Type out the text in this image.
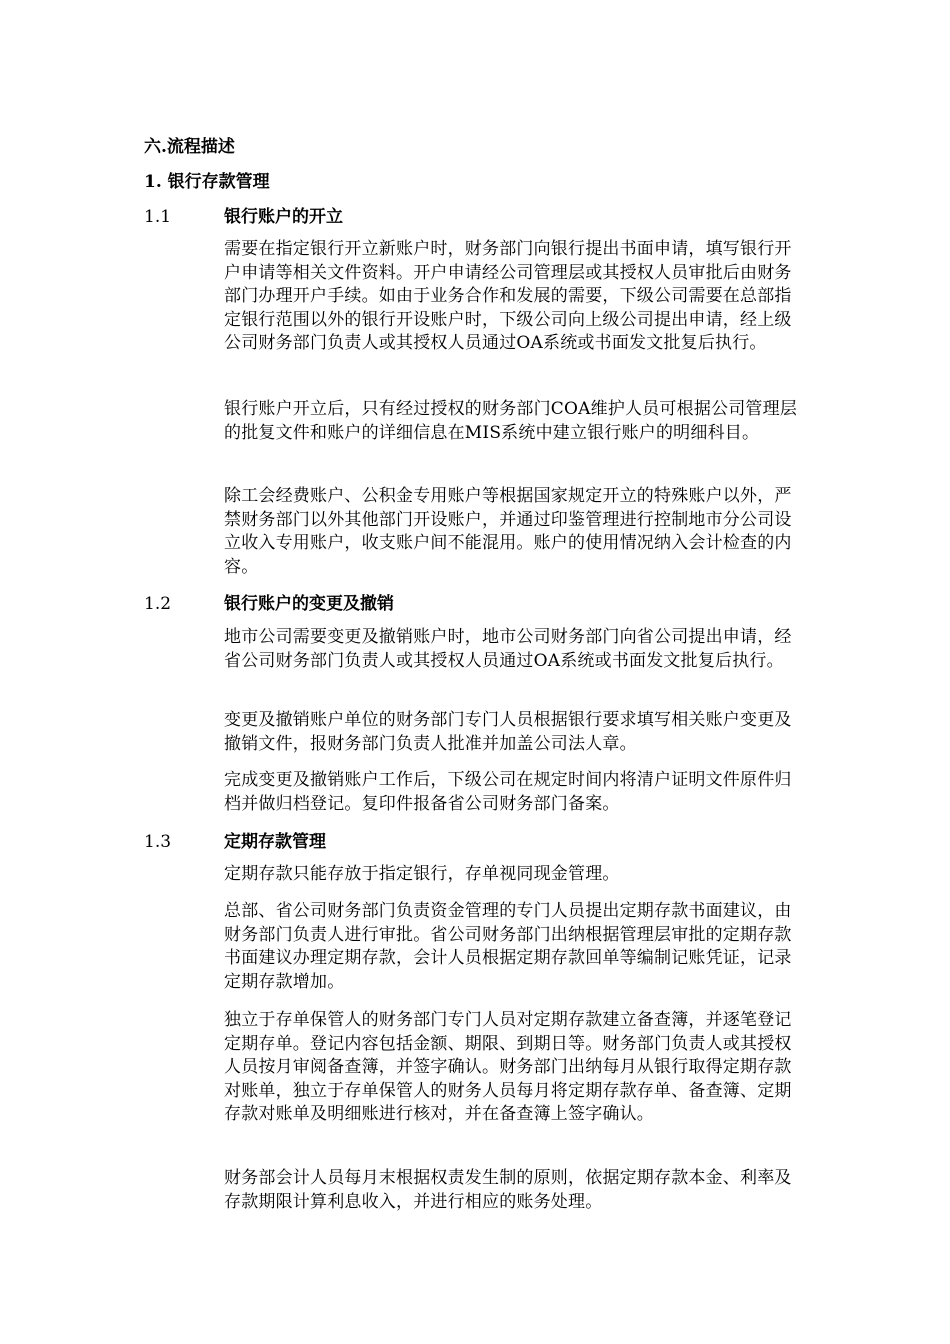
六.流程描述
1. 银行存款管理
1.1	银行账户的开立

需要在指定银行开立新账户时，财务部门向银行提出书面申请，填写银行开户申请等相关文件资料。开户申请经公司管理层或其授权人员审批后由财务部门办理开户手续。如由于业务合作和发展的需要，下级公司需要在总部指定银行范围以外的银行开设账户时，下级公司向上级公司提出申请，经上级公司财务部门负责人或其授权人员通过OA系统或书面发文批复后执行。

银行账户开立后，只有经过授权的财务部门COA维护人员可根据公司管理层的批复文件和账户的详细信息在MIS系统中建立银行账户的明细科目。

除工会经费账户、公积金专用账户等根据国家规定开立的特殊账户以外，严禁财务部门以外其他部门开设账户，并通过印鉴管理进行控制地市分公司设立收入专用账户，收支账户间不能混用。账户的使用情况纳入会计检查的内容。

1.2	银行账户的变更及撤销

地市公司需要变更及撤销账户时，地市公司财务部门向省公司提出申请，经省公司财务部门负责人或其授权人员通过OA系统或书面发文批复后执行。

变更及撤销账户单位的财务部门专门人员根据银行要求填写相关账户变更及撤销文件，报财务部门负责人批准并加盖公司法人章。

完成变更及撤销账户工作后，下级公司在规定时间内将清户证明文件原件归档并做归档登记。复印件报备省公司财务部门备案。

1.3	定期存款管理

定期存款只能存放于指定银行，存单视同现金管理。

总部、省公司财务部门负责资金管理的专门人员提出定期存款书面建议，由财务部门负责人进行审批。省公司财务部门出纳根据管理层审批的定期存款书面建议办理定期存款，会计人员根据定期存款回单等编制记账凭证，记录定期存款增加。

独立于存单保管人的财务部门专门人员对定期存款建立备查簿，并逐笔登记定期存单。登记内容包括金额、期限、到期日等。财务部门负责人或其授权人员按月审阅备查簿，并签字确认。财务部门出纳每月从银行取得定期存款对账单，独立于存单保管人的财务人员每月将定期存款存单、备查簿、定期存款对账单及明细账进行核对，并在备查簿上签字确认。

财务部会计人员每月末根据权责发生制的原则，依据定期存款本金、利率及存款期限计算利息收入，并进行相应的账务处理。
